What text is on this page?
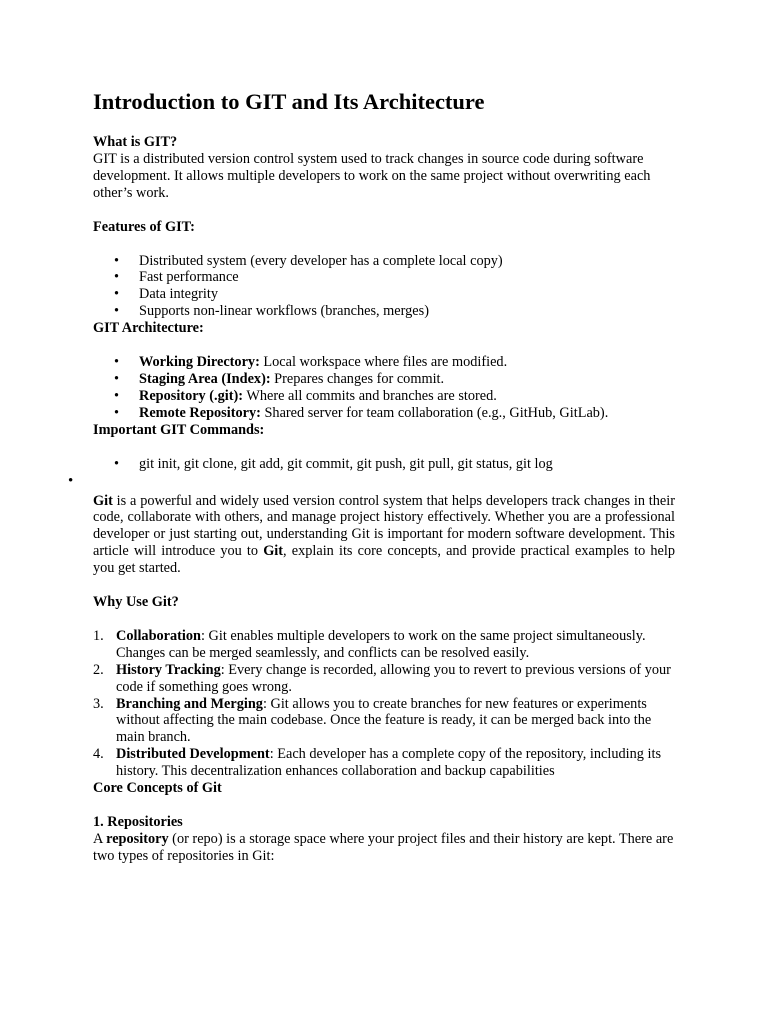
Introduction to GIT and Its Architecture

What is GIT?

GIT is a distributed version control system used to track changes in source code during software development. It allows multiple developers to work on the same project without overwriting each other’s work.

Features of GIT:

• Distributed system (every developer has a complete local copy)
• Fast performance
• Data integrity
• Supports non-linear workflows (branches, merges)

GIT Architecture:

• Working Directory: Local workspace where files are modified.
• Staging Area (Index): Prepares changes for commit.
• Repository (.git): Where all commits and branches are stored.
• Remote Repository: Shared server for team collaboration (e.g., GitHub, GitLab).

Important GIT Commands:

• git init, git clone, git add, git commit, git push, git pull, git status, git log
•

Git is a powerful and widely used version control system that helps developers track changes in their code, collaborate with others, and manage project history effectively. Whether you are a professional developer or just starting out, understanding Git is important for modern software development. This article will introduce you to Git, explain its core concepts, and provide practical examples to help you get started.

Why Use Git?

1. Collaboration: Git enables multiple developers to work on the same project simultaneously. Changes can be merged seamlessly, and conflicts can be resolved easily.
2. History Tracking: Every change is recorded, allowing you to revert to previous versions of your code if something goes wrong.
3. Branching and Merging: Git allows you to create branches for new features or experiments without affecting the main codebase. Once the feature is ready, it can be merged back into the main branch.
4. Distributed Development: Each developer has a complete copy of the repository, including its history. This decentralization enhances collaboration and backup capabilities

Core Concepts of Git

1. Repositories

A repository (or repo) is a storage space where your project files and their history are kept. There are two types of repositories in Git:
